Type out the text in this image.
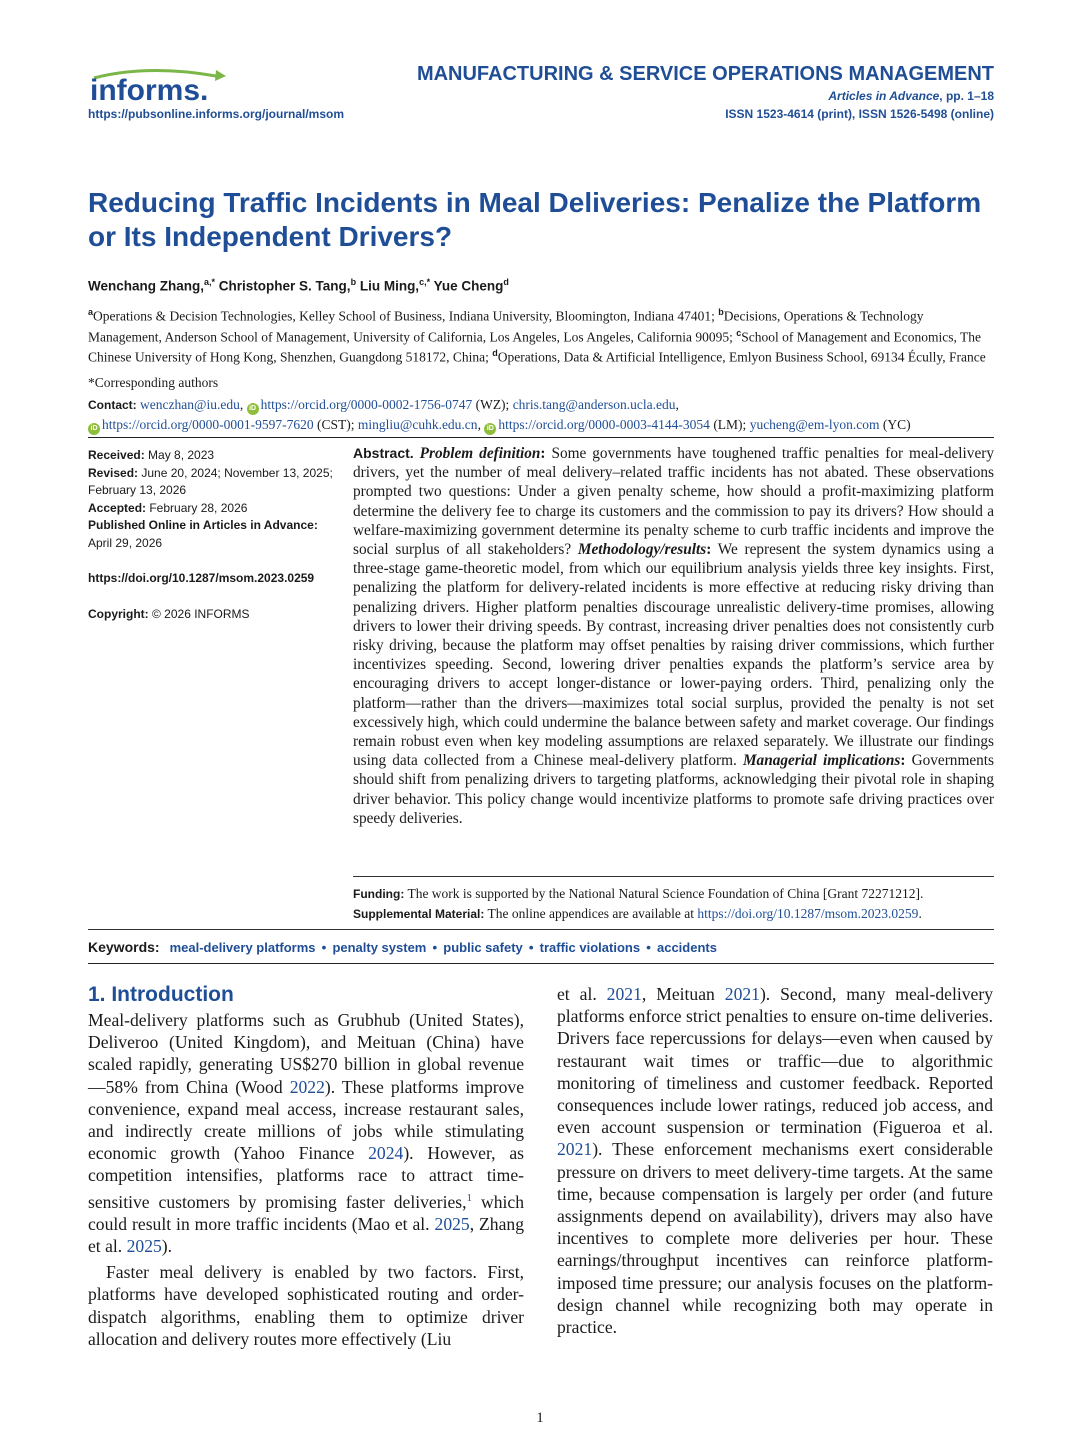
informs.
https://pubsonline.informs.org/journal/msom
MANUFACTURING & SERVICE OPERATIONS MANAGEMENT
Articles in Advance, pp. 1–18
ISSN 1523-4614 (print), ISSN 1526-5498 (online)
Reducing Traffic Incidents in Meal Deliveries: Penalize the Platform or Its Independent Drivers?
Wenchang Zhang,$^{a,*}$ Christopher S. Tang,$^b$ Liu Ming,$^{c,*}$ Yue Cheng$^d$
$^a$Operations & Decision Technologies, Kelley School of Business, Indiana University, Bloomington, Indiana 47401; $^b$Decisions, Operations & Technology Management, Anderson School of Management, University of California, Los Angeles, Los Angeles, California 90095; $^c$School of Management and Economics, The Chinese University of Hong Kong, Shenzhen, Guangdong 518172, China; $^d$Operations, Data & Artificial Intelligence, Emlyon Business School, 69134 Écully, France
*Corresponding authors
Contact: wenczhan@iu.edu, iD https://orcid.org/0000-0002-1756-0747 (WZ); chris.tang@anderson.ucla.edu,
iD https://orcid.org/0000-0001-9597-7620 (CST); mingliu@cuhk.edu.cn, iD https://orcid.org/0000-0003-4144-3054 (LM); yucheng@em-lyon.com (YC)
Received: May 8, 2023
Revised: June 20, 2024; November 13, 2025; February 13, 2026
Accepted: February 28, 2026
Published Online in Articles in Advance:
April 29, 2026
https://doi.org/10.1287/msom.2023.0259
Copyright: © 2026 INFORMS
Abstract. Problem definition: Some governments have toughened traffic penalties for meal-delivery drivers, yet the number of meal delivery–related traffic incidents has not abated. These observations prompted two questions: Under a given penalty scheme, how should a profit-maximizing platform determine the delivery fee to charge its customers and the commission to pay its drivers? How should a welfare-maximizing government determine its penalty scheme to curb traffic incidents and improve the social surplus of all stakeholders? Methodology/results: We represent the system dynamics using a three-stage game-theoretic model, from which our equilibrium analysis yields three key insights. First, penalizing the platform for delivery-related incidents is more effective at reducing risky driving than penalizing drivers. Higher platform penalties discourage unrealistic delivery-time promises, allowing drivers to lower their driving speeds. By contrast, increasing driver penalties does not consistently curb risky driving, because the platform may offset penalties by raising driver commissions, which further incentivizes speeding. Second, lowering driver penalties expands the platform’s service area by encouraging drivers to accept longer-distance or lower-paying orders. Third, penalizing only the platform—rather than the drivers—maximizes total social surplus, provided the penalty is not set excessively high, which could undermine the balance between safety and market coverage. Our findings remain robust even when key modeling assumptions are relaxed separately. We illustrate our findings using data collected from a Chinese meal-delivery platform. Managerial implications: Governments should shift from penalizing drivers to targeting platforms, acknowledging their pivotal role in shaping driver behavior. This policy change would incentivize platforms to promote safe driving practices over speedy deliveries.
Funding: The work is supported by the National Natural Science Foundation of China [Grant 72271212].
Supplemental Material: The online appendices are available at https://doi.org/10.1287/msom.2023.0259.
Keywords: meal-delivery platforms • penalty system • public safety • traffic violations • accidents
1. Introduction

Meal-delivery platforms such as Grubhub (United States), Deliveroo (United Kingdom), and Meituan (China) have scaled rapidly, generating US$270 billion in global revenue—58% from China (Wood 2022). These platforms improve convenience, expand meal access, increase restaurant sales, and indirectly create millions of jobs while stimulating economic growth (Yahoo Finance 2024). However, as competition intensifies, platforms race to attract time-sensitive customers by promising faster deliveries,$^1$ which could result in more traffic incidents (Mao et al. 2025, Zhang et al. 2025).

Faster meal delivery is enabled by two factors. First, platforms have developed sophisticated routing and order-dispatch algorithms, enabling them to optimize driver allocation and delivery routes more effectively (Liu

et al. 2021, Meituan 2021). Second, many meal-delivery platforms enforce strict penalties to ensure on-time deliveries. Drivers face repercussions for delays—even when caused by restaurant wait times or traffic—due to algorithmic monitoring of timeliness and customer feedback. Reported consequences include lower ratings, reduced job access, and even account suspension or termination (Figueroa et al. 2021). These enforcement mechanisms exert considerable pressure on drivers to meet delivery-time targets. At the same time, because compensation is largely per order (and future assignments depend on availability), drivers may also have incentives to complete more deliveries per hour. These earnings/throughput incentives can reinforce platform-imposed time pressure; our analysis focuses on the platform-design channel while recognizing both may operate in practice.

1
